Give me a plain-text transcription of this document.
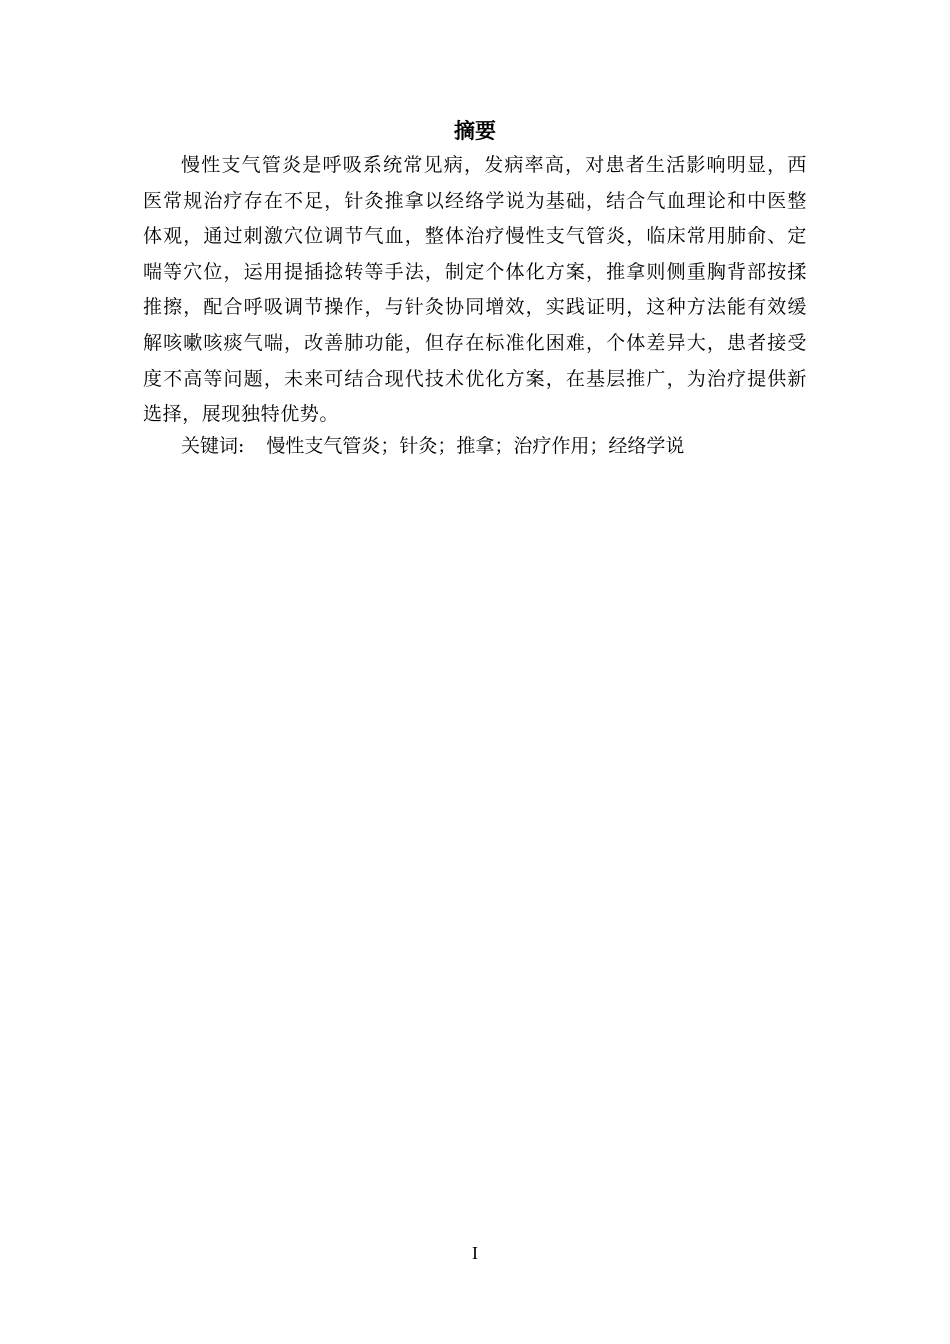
摘要

慢性支气管炎是呼吸系统常见病，发病率高，对患者生活影响明显，西医常规治疗存在不足，针灸推拿以经络学说为基础，结合气血理论和中医整体观，通过刺激穴位调节气血，整体治疗慢性支气管炎，临床常用肺俞、定喘等穴位，运用提插捻转等手法，制定个体化方案，推拿则侧重胸背部按揉推擦，配合呼吸调节操作，与针灸协同增效，实践证明，这种方法能有效缓解咳嗽咳痰气喘，改善肺功能，但存在标准化困难，个体差异大，患者接受度不高等问题，未来可结合现代技术优化方案，在基层推广，为治疗提供新选择，展现独特优势。

关键词: 慢性支气管炎；针灸；推拿；治疗作用；经络学说

I
